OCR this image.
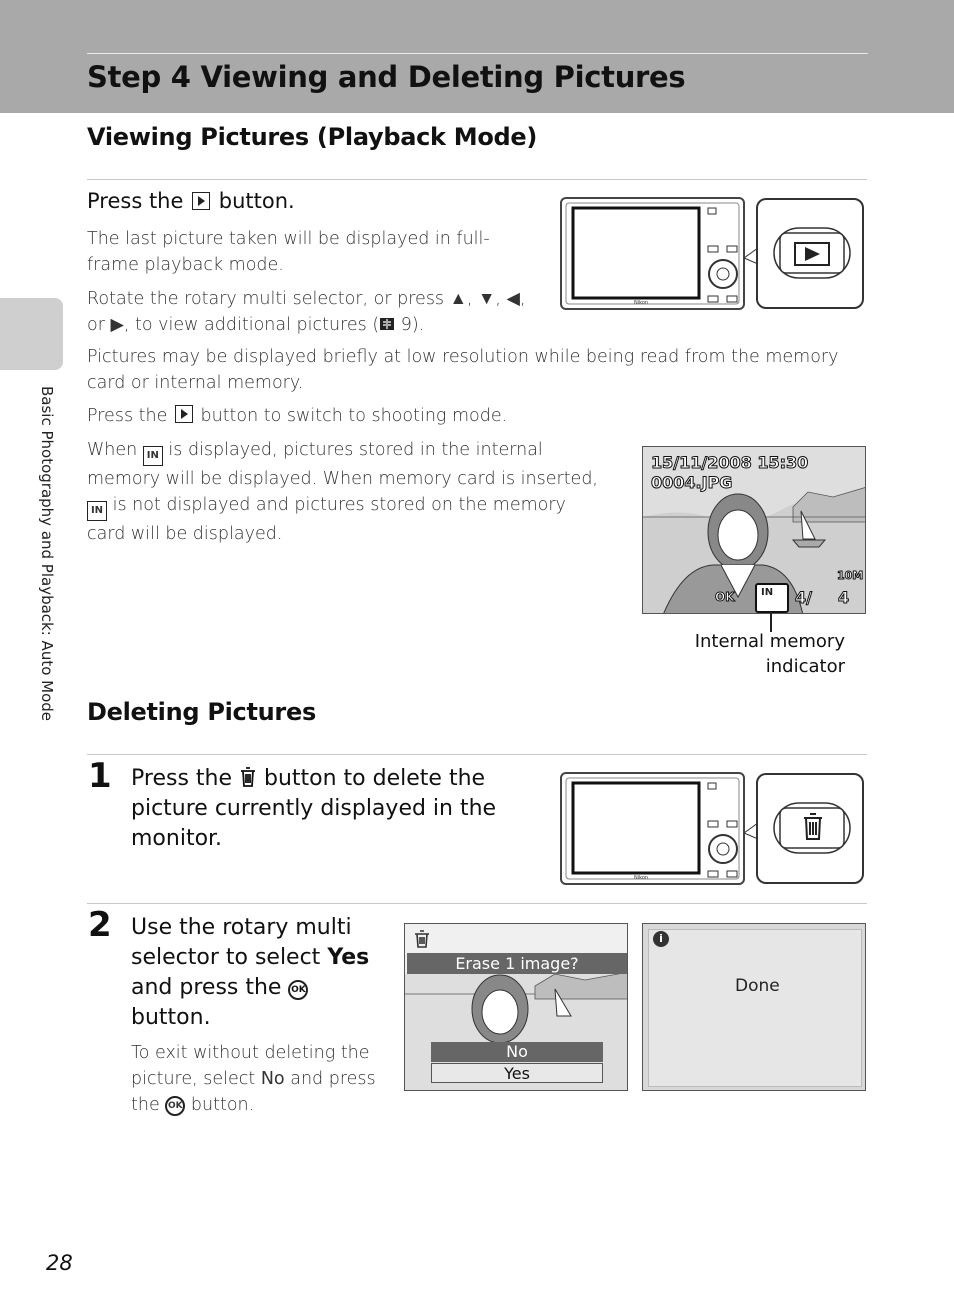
Step 4 Viewing and Deleting Pictures
Basic Photography and Playback: Auto Mode
Viewing Pictures (Playback Mode)
Press the button.
The last picture taken will be displayed in full-frame playback mode.
Rotate the rotary multi selector, or press ▲, ▼, ◀, or ▶, to view additional pictures ( 9).
Pictures may be displayed briefly at low resolution while being read from the memory card or internal memory.
Press the button to switch to shooting mode.
When IN is displayed, pictures stored in the internal memory will be displayed. When memory card is inserted, IN is not displayed and pictures stored on the memory card will be displayed.
Nikon
15/11/2008 15:30
0004.JPG
10M
OK	IN 4/ 4
Internal memory
indicator
Deleting Pictures
1 Press the button to delete the picture currently displayed in the monitor.
Nikon
2 Use the rotary multi selector to select Yes and press the OK button.
To exit without deleting the picture, select No and press the OK button.
Erase 1 image?
No
Yes
i
Done
28
